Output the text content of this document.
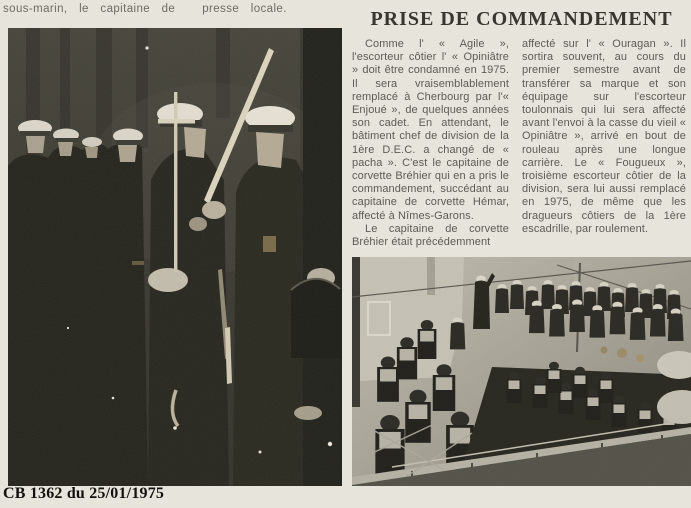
sous-marin, le capitaine de presse locale.	PRISE DE COMMANDEMENT

Comme l' « Agile », l'escorteur côtier l' « Opiniâtre » doit être condamné en 1975. Il sera vraisemblablement remplacé à Cherbourg par l'« Enjoué », de quelques années son cadet. En attendant, le bâtiment chef de division de la 1ère D.E.C. a changé de « pacha ». C'est le capitaine de corvette Bréhier qui en a pris le commandement, succédant au capitaine de corvette Hémar, affecté à Nîmes-Garons.

Le capitaine de corvette Bréhier était précédemment

affecté sur l' « Ouragan ». Il sortira souvent, au cours du premier semestre avant de transférer sa marque et son équipage sur l'escorteur toulonnais qui lui sera affecté avant l'envoi à la casse du vieil « Opiniâtre », arrivé en bout de rouleau après une longue carrière. Le « Fougueux », troisième escorteur côtier de la division, sera lui aussi remplacé en 1975, de même que les dragueurs côtiers de la 1ère escadrille, par roulement.

CB 1362 du 25/01/1975
